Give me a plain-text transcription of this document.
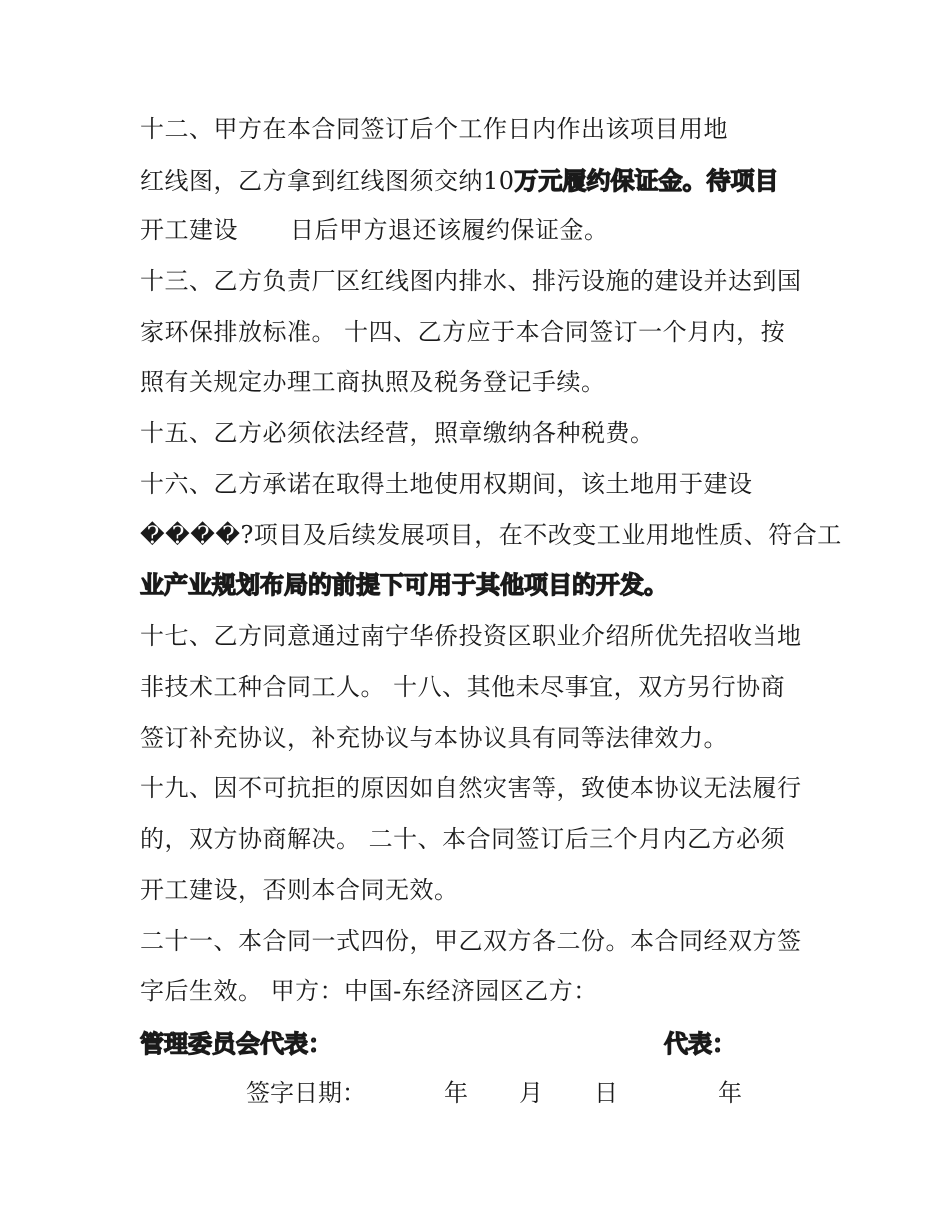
十二、甲方在本合同签订后个工作日内作出该项目用地
红线图，乙方拿到红线图须交纳10万元履约保证金。待项目
开工建设 日后甲方退还该履约保证金。
十三、乙方负责厂区红线图内排水、排污设施的建设并达到国
家环保排放标准。 十四、乙方应于本合同签订一个月内，按
照有关规定办理工商执照及税务登记手续。
十五、乙方必须依法经营，照章缴纳各种税费。
十六、乙方承诺在取得土地使用权期间，该土地用于建设
����?项目及后续发展项目，在不改变工业用地性质、符合工
业产业规划布局的前提下可用于其他项目的开发。
十七、乙方同意通过南宁华侨投资区职业介绍所优先招收当地
非技术工种合同工人。 十八、其他未尽事宜，双方另行协商
签订补充协议，补充协议与本协议具有同等法律效力。
十九、因不可抗拒的原因如自然灾害等，致使本协议无法履行
的，双方协商解决。 二十、本合同签订后三个月内乙方必须
开工建设，否则本合同无效。
二十一、本合同一式四份，甲乙双方各二份。本合同经双方签
字后生效。 甲方：中国-东经济园区乙方：
管理委员会代表：	代表：
签字日期：	年 月 日	年
